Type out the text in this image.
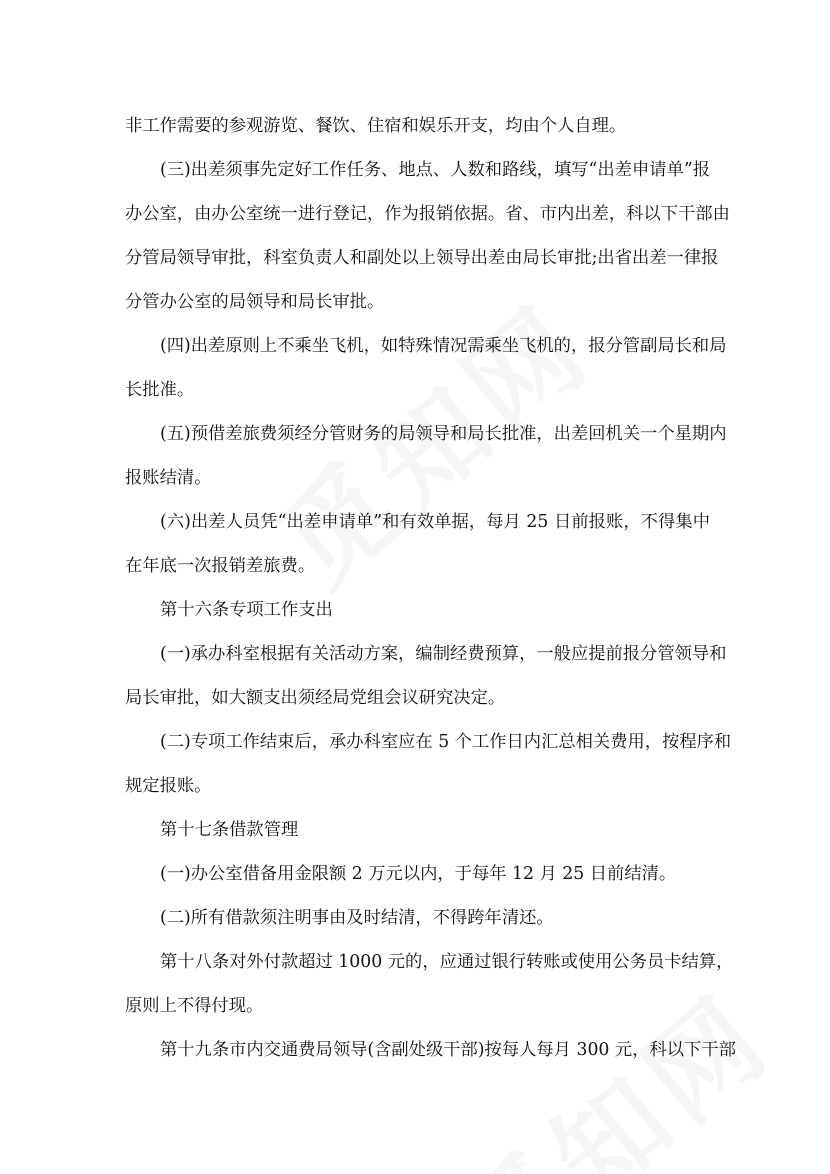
非工作需要的参观游览、餐饮、住宿和娱乐开支，均由个人自理。
(三)出差须事先定好工作任务、地点、人数和路线，填写“出差申请单”报
办公室，由办公室统一进行登记，作为报销依据。省、市内出差，科以下干部由
分管局领导审批，科室负责人和副处以上领导出差由局长审批;出省出差一律报
分管办公室的局领导和局长审批。
(四)出差原则上不乘坐飞机，如特殊情况需乘坐飞机的，报分管副局长和局
长批准。
(五)预借差旅费须经分管财务的局领导和局长批准，出差回机关一个星期内
报账结清。
(六)出差人员凭“出差申请单”和有效单据，每月 25 日前报账，不得集中
在年底一次报销差旅费。
第十六条专项工作支出
(一)承办科室根据有关活动方案，编制经费预算，一般应提前报分管领导和
局长审批，如大额支出须经局党组会议研究决定。
(二)专项工作结束后，承办科室应在 5 个工作日内汇总相关费用，按程序和
规定报账。
第十七条借款管理
(一)办公室借备用金限额 2 万元以内，于每年 12 月 25 日前结清。
(二)所有借款须注明事由及时结清，不得跨年清还。
第十八条对外付款超过 1000 元的，应通过银行转账或使用公务员卡结算，
原则上不得付现。
第十九条市内交通费局领导(含副处级干部)按每人每月 300 元，科以下干部
